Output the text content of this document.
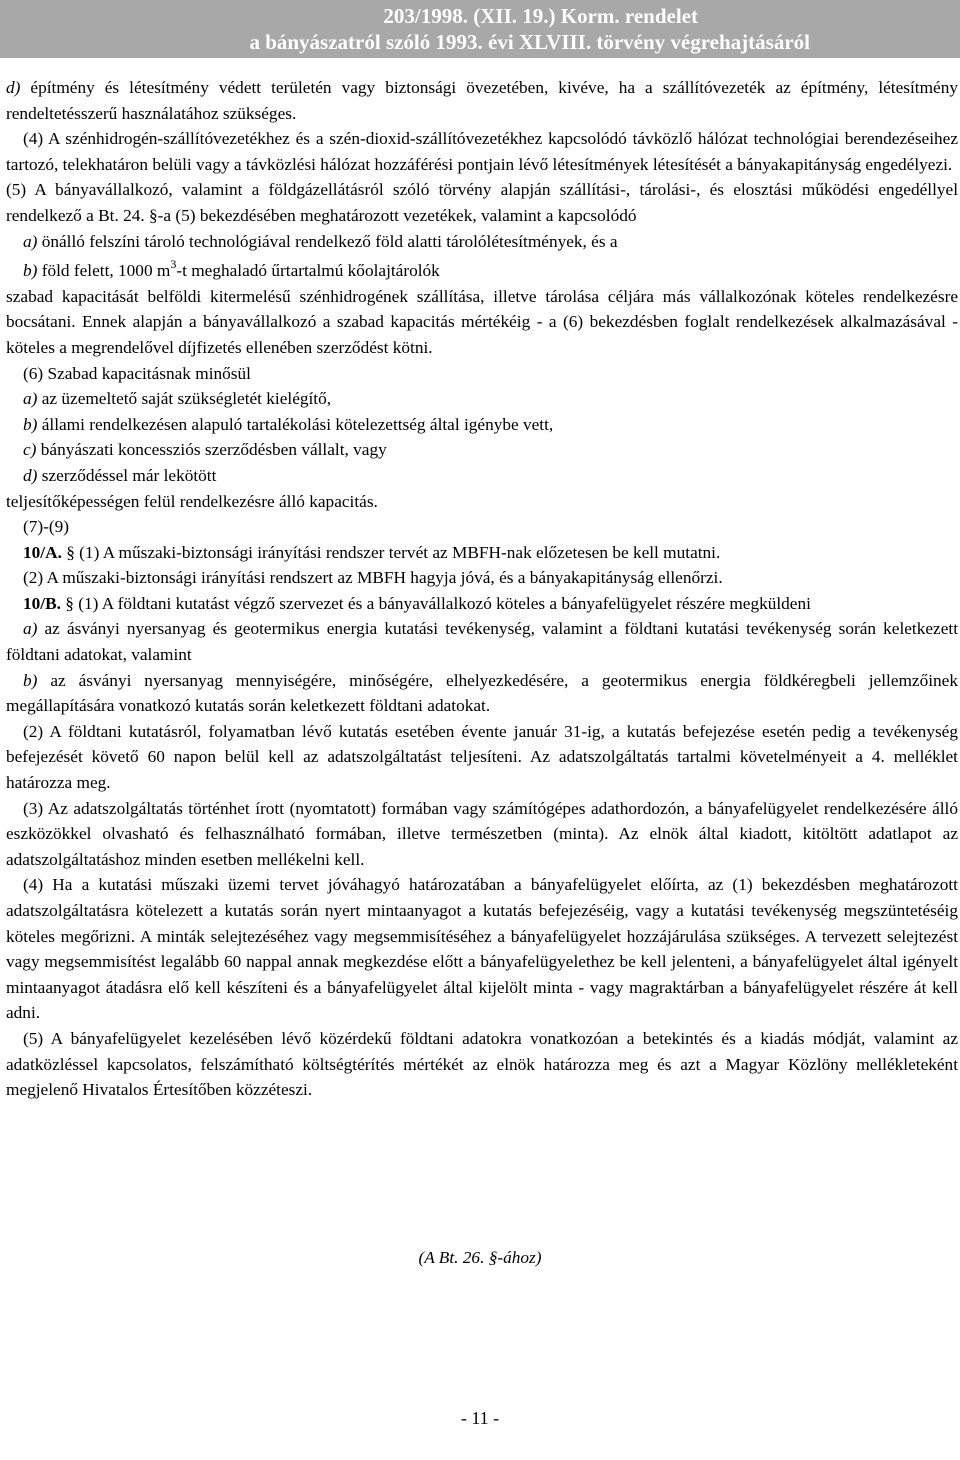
203/1998. (XII. 19.) Korm. rendelet
a bányászatról szóló 1993. évi XLVIII. törvény végrehajtásáról

d) építmény és létesítmény védett területén vagy biztonsági övezetében, kivéve, ha a szállítóvezeték az építmény, létesítmény rendeltetésszerű használatához szükséges.

(4) A szénhidrogén-szállítóvezetékhez és a szén-dioxid-szállítóvezetékhez kapcsolódó távközlő hálózat technológiai berendezéseihez tartozó, telekhatáron belüli vagy a távközlési hálózat hozzáférési pontjain lévő létesítmények létesítését a bányakapitányság engedélyezi.

(5) A bányavállalkozó, valamint a földgázellátásról szóló törvény alapján szállítási-, tárolási-, és elosztási működési engedéllyel rendelkező a Bt. 24. §-a (5) bekezdésében meghatározott vezetékek, valamint a kapcsolódó

a) önálló felszíni tároló technológiával rendelkező föld alatti tárolólétesítmények, és a

b) föld felett, 1000 $m^3-t$ meghaladó űrtartalmú kőolajtárolók

szabad kapacitását belföldi kitermelésű szénhidrogének szállítása, illetve tárolása céljára más vállalkozónak köteles rendelkezésre bocsátani. Ennek alapján a bányavállalkozó a szabad kapacitás mértékéig - a (6) bekezdésben foglalt rendelkezések alkalmazásával - köteles a megrendelővel díjfizetés ellenében szerződést kötni.

(6) Szabad kapacitásnak minősül

a) az üzemeltető saját szükségletét kielégítő,

b) állami rendelkezésen alapuló tartalékolási kötelezettség által igénybe vett,

c) bányászati koncessziós szerződésben vállalt, vagy

d) szerződéssel már lekötött

teljesítőképességen felül rendelkezésre álló kapacitás.

(7)-(9)

10/A. § (1) A műszaki-biztonsági irányítási rendszer tervét az MBFH-nak előzetesen be kell mutatni.

(2) A műszaki-biztonsági irányítási rendszert az MBFH hagyja jóvá, és a bányakapitányság ellenőrzi.

10/B. § (1) A földtani kutatást végző szervezet és a bányavállalkozó köteles a bányafelügyelet részére megküldeni

a) az ásványi nyersanyag és geotermikus energia kutatási tevékenység, valamint a földtani kutatási tevékenység során keletkezett földtani adatokat, valamint

b) az ásványi nyersanyag mennyiségére, minőségére, elhelyezkedésére, a geotermikus energia földkéregbeli jellemzőinek megállapítására vonatkozó kutatás során keletkezett földtani adatokat.

(2) A földtani kutatásról, folyamatban lévő kutatás esetében évente január 31-ig, a kutatás befejezése esetén pedig a tevékenység befejezését követő 60 napon belül kell az adatszolgáltatást teljesíteni. Az adatszolgáltatás tartalmi követelményeit a 4. melléklet határozza meg.

(3) Az adatszolgáltatás történhet írott (nyomtatott) formában vagy számítógépes adathordozón, a bányafelügyelet rendelkezésére álló eszközökkel olvasható és felhasználható formában, illetve természetben (minta). Az elnök által kiadott, kitöltött adatlapot az adatszolgáltatáshoz minden esetben mellékelni kell.

(4) Ha a kutatási műszaki üzemi tervet jóváhagyó határozatában a bányafelügyelet előírta, az (1) bekezdésben meghatározott adatszolgáltatásra kötelezett a kutatás során nyert mintaanyagot a kutatás befejezéséig, vagy a kutatási tevékenység megszüntetéséig köteles megőrizni. A minták selejtezéséhez vagy megsemmisítéséhez a bányafelügyelet hozzájárulása szükséges. A tervezett selejtezést vagy megsemmisítést legalább 60 nappal annak megkezdése előtt a bányafelügyelethez be kell jelenteni, a bányafelügyelet által igényelt mintaanyagot átadásra elő kell készíteni és a bányafelügyelet által kijelölt minta - vagy magraktárban a bányafelügyelet részére át kell adni.

(5) A bányafelügyelet kezelésében lévő közérdekű földtani adatokra vonatkozóan a betekintés és a kiadás módját, valamint az adatközléssel kapcsolatos, felszámítható költségtérítés mértékét az elnök határozza meg és azt a Magyar Közlöny mellékleteként megjelenő Hivatalos Értesítőben közzéteszi.

(A Bt. 26. §-ához)
- 11 -
